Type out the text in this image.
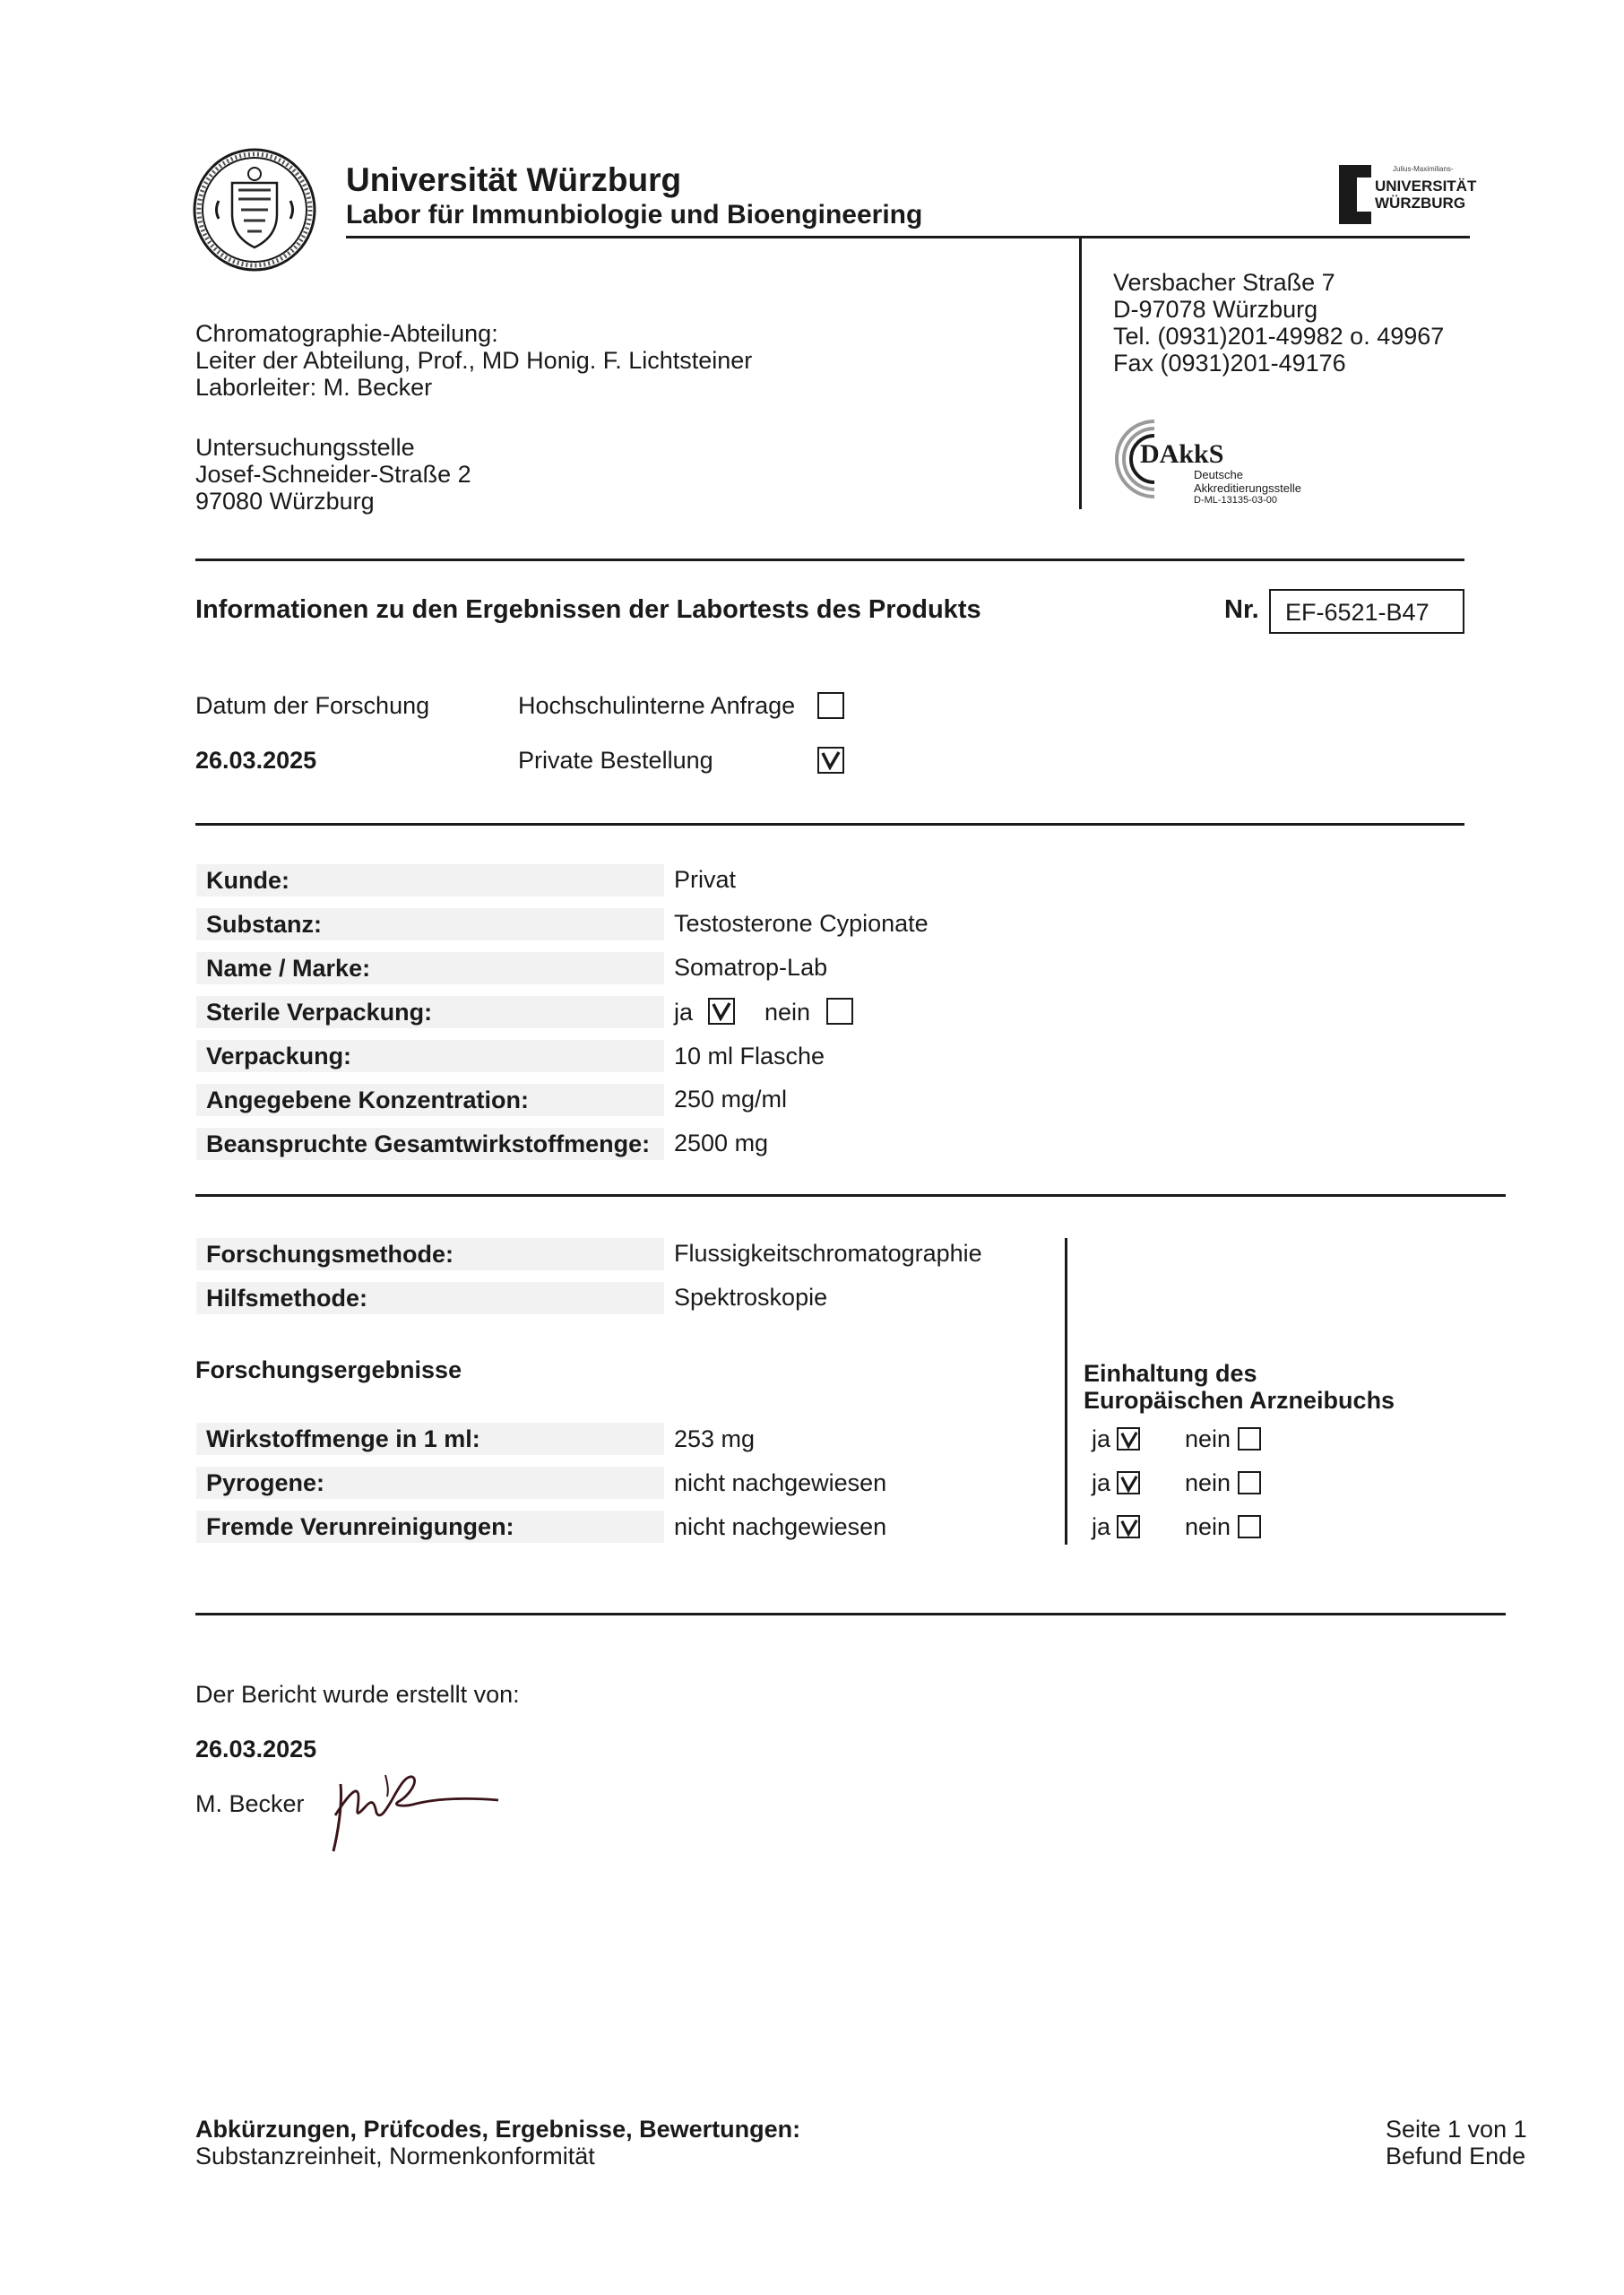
Universität Würzburg
Labor für Immunbiologie und Bioengineering
Julius-Maximilians-
UNIVERSITÄT
WÜRZBURG
Chromatographie-Abteilung:
Leiter der Abteilung, Prof., MD Honig. F. Lichtsteiner
Laborleiter: M. Becker
Untersuchungsstelle
Josef-Schneider-Straße 2
97080 Würzburg
Versbacher Straße 7
D-97078 Würzburg
Tel. (0931)201-49982 o. 49967
Fax (0931)201-49176
DAkkS
Deutsche
Akkreditierungsstelle
D-ML-13135-03-00
Informationen zu den Ergebnissen der Labortests des Produkts	Nr. EF-6521-B47
Datum der Forschung
26.03.2025
Hochschulinterne Anfrage
Private Bestellung
Kunde:	Privat
Substanz:	Testosterone Cypionate
Name / Marke:	Somatrop-Lab
Sterile Verpackung:	ja	nein
Verpackung:	10 ml Flasche
Angegebene Konzentration:	250 mg/ml
Beanspruchte Gesamtwirkstoffmenge: 2500 mg
Forschungsmethode:	Flussigkeitschromatographie
Hilfsmethode:	Spektroskopie
Forschungsergebnisse	Einhaltung des
Europäischen Arzneibuchs
Wirkstoffmenge in 1 ml:	253 mg	ja	nein
Pyrogene:	nicht nachgewiesen	ja	nein
Fremde Verunreinigungen:	nicht nachgewiesen	ja	nein
Der Bericht wurde erstellt von:
26.03.2025
M. Becker
Abkürzungen, Prüfcodes, Ergebnisse, Bewertungen:
Substanzreinheit, Normenkonformität
Seite 1 von 1
Befund Ende
